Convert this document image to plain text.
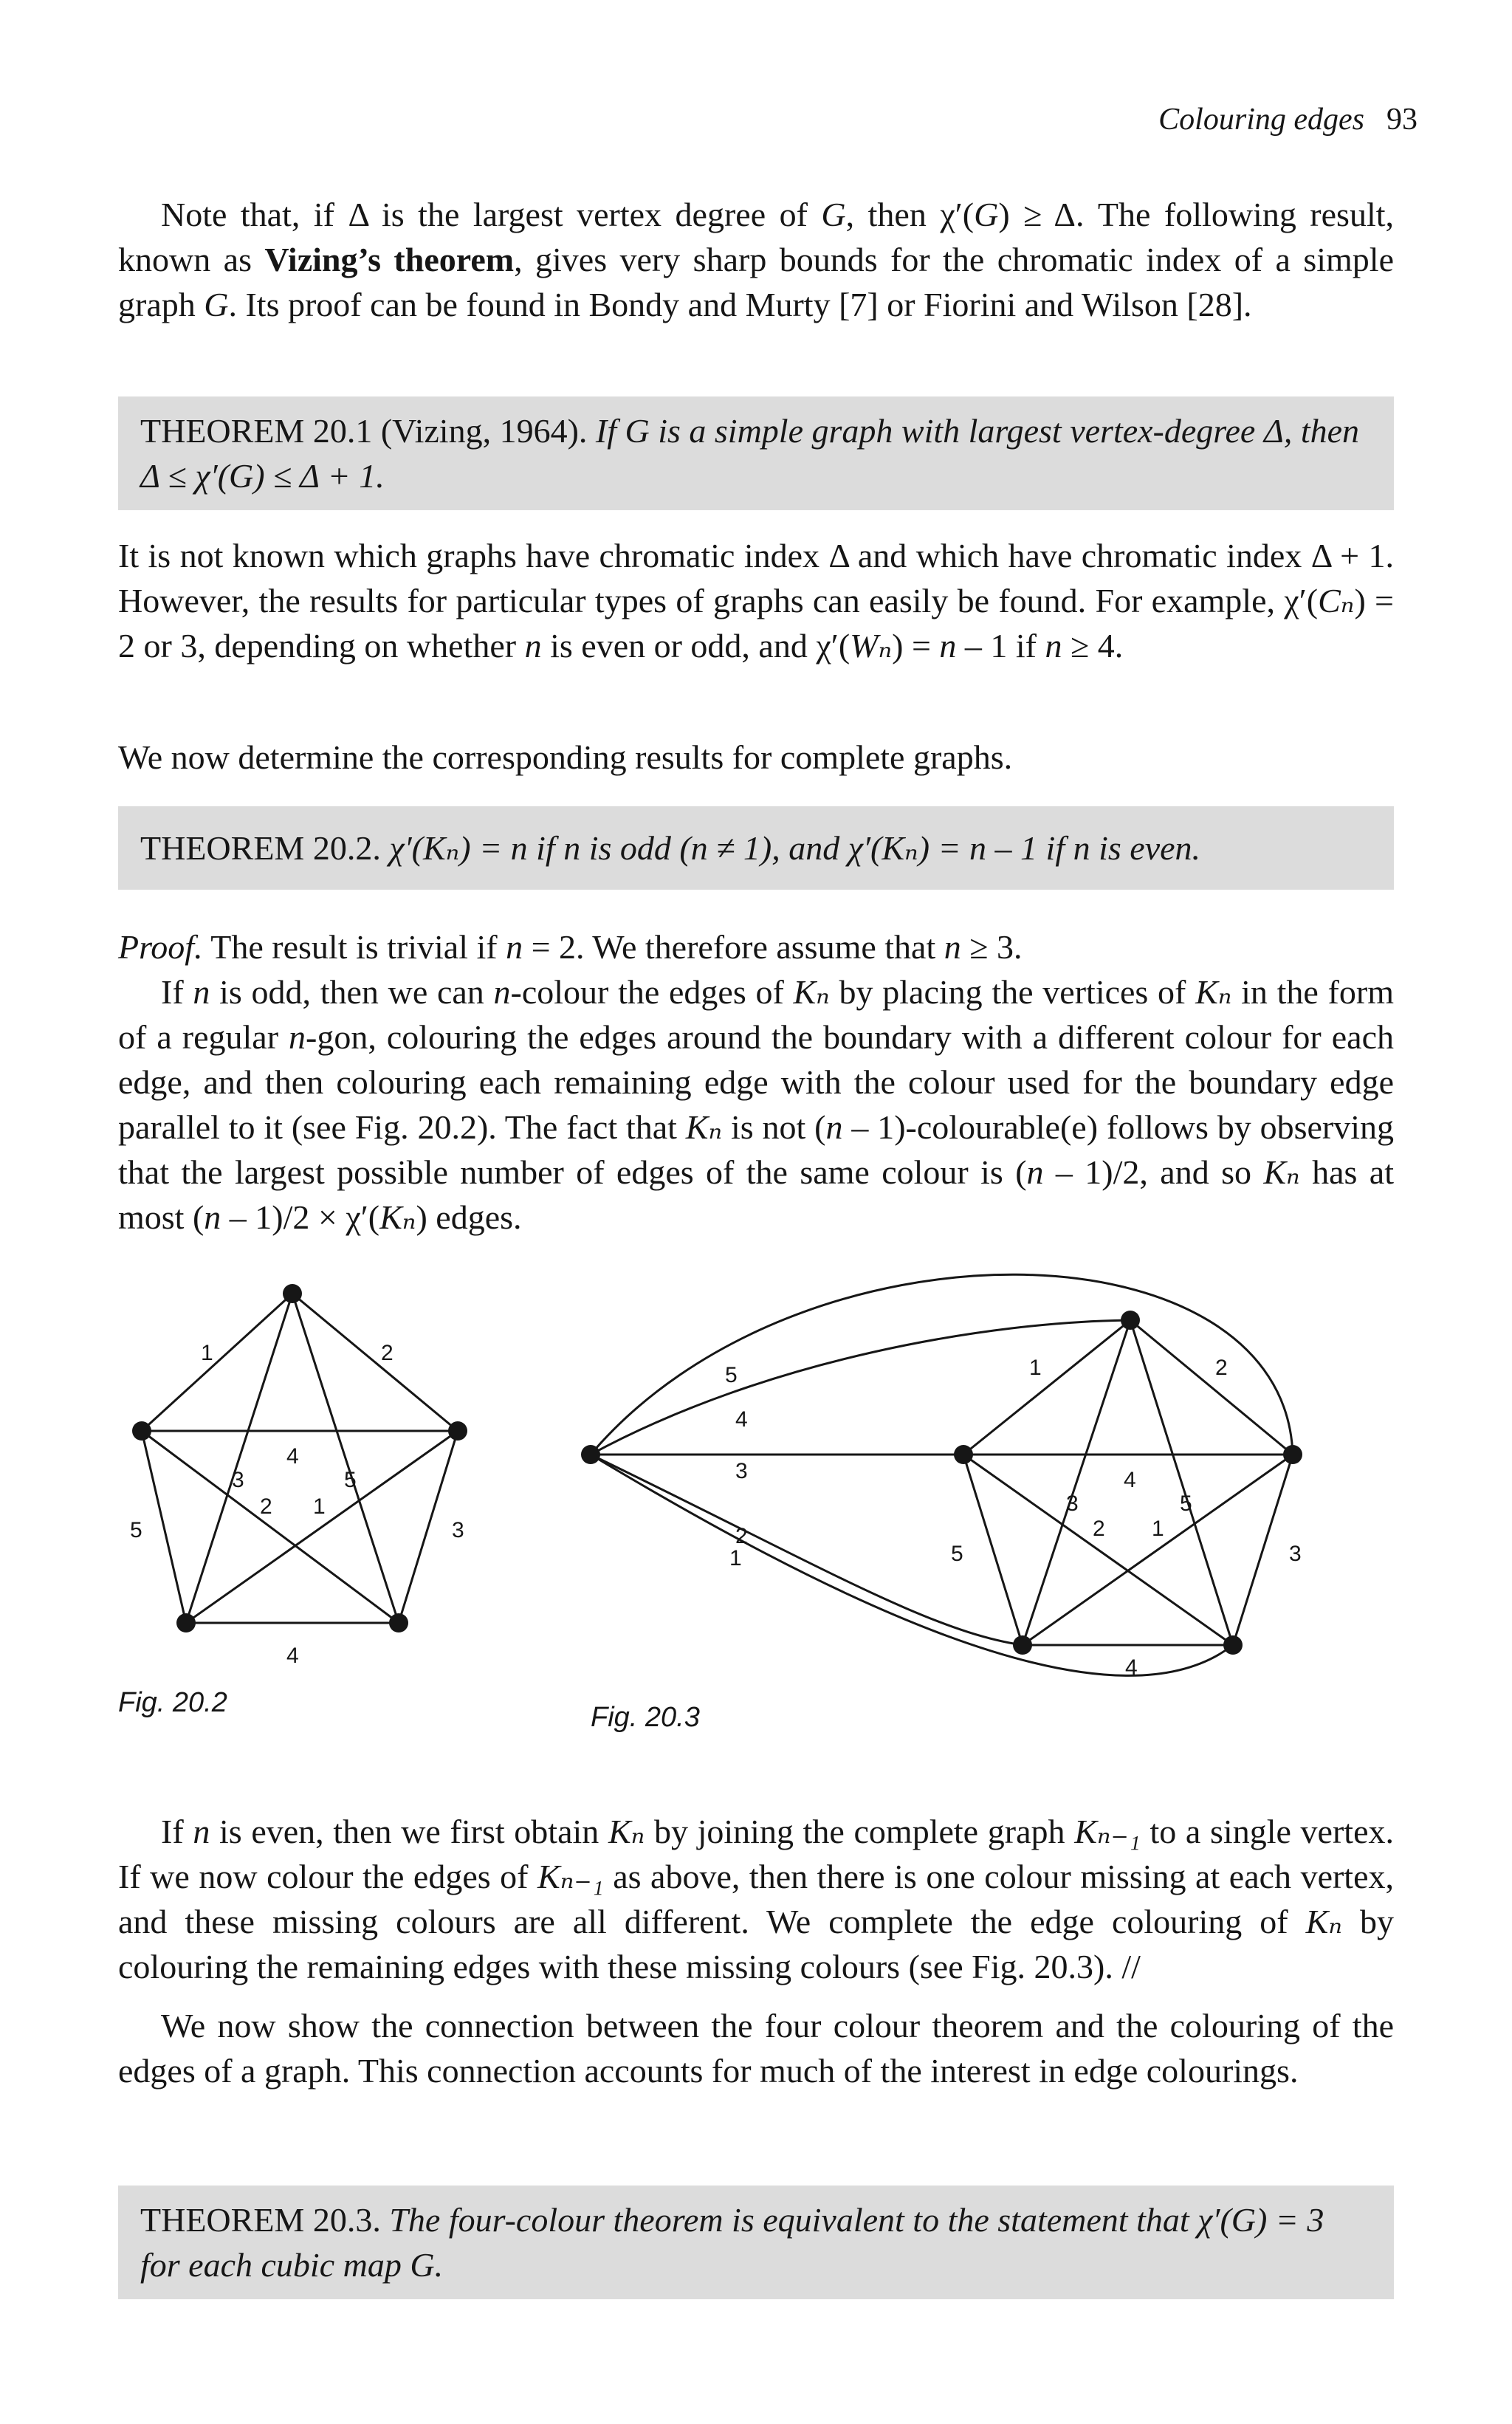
Colouring edges 93

Note that, if Δ is the largest vertex degree of G, then χ′(G) ≥ Δ. The following result, known as Vizing’s theorem, gives very sharp bounds for the chromatic index of a simple graph G. Its proof can be found in Bondy and Murty [7] or Fiorini and Wilson [28].

THEOREM 20.1 (Vizing, 1964). If G is a simple graph with largest vertex-degree Δ, then Δ ≤ χ′(G) ≤ Δ + 1.

It is not known which graphs have chromatic index Δ and which have chromatic index Δ + 1. However, the results for particular types of graphs can easily be found. For example, χ′(Cₙ) = 2 or 3, depending on whether n is even or odd, and χ′(Wₙ) = n – 1 if n ≥ 4.

We now determine the corresponding results for complete graphs.

THEOREM 20.2. χ′(Kₙ) = n if n is odd (n ≠ 1), and χ′(Kₙ) = n – 1 if n is even.

Proof. The result is trivial if n = 2. We therefore assume that n ≥ 3.

If n is odd, then we can n-colour the edges of Kₙ by placing the vertices of Kₙ in the form of a regular n-gon, colouring the edges around the boundary with a different colour for each edge, and then colouring each remaining edge with the colour used for the boundary edge parallel to it (see Fig. 20.2). The fact that Kₙ is not (n – 1)-colourable(e) follows by observing that the largest possible number of edges of the same colour is (n – 1)/2, and so Kₙ has at most (n – 1)/2 × χ′(Kₙ) edges.

1	2
3
4
5
4
3	5
2 1
Fig. 20.2
5
4
3
2
1
1	2
3
4
5
4
3	5
2 1
Fig. 20.3

If n is even, then we first obtain Kₙ by joining the complete graph Kₙ₋₁ to a single vertex. If we now colour the edges of Kₙ₋₁ as above, then there is one colour missing at each vertex, and these missing colours are all different. We complete the edge colouring of Kₙ by colouring the remaining edges with these missing colours (see Fig. 20.3). //

We now show the connection between the four colour theorem and the colouring of the edges of a graph. This connection accounts for much of the interest in edge colourings.

THEOREM 20.3. The four-colour theorem is equivalent to the statement that χ′(G) = 3 for each cubic map G.
